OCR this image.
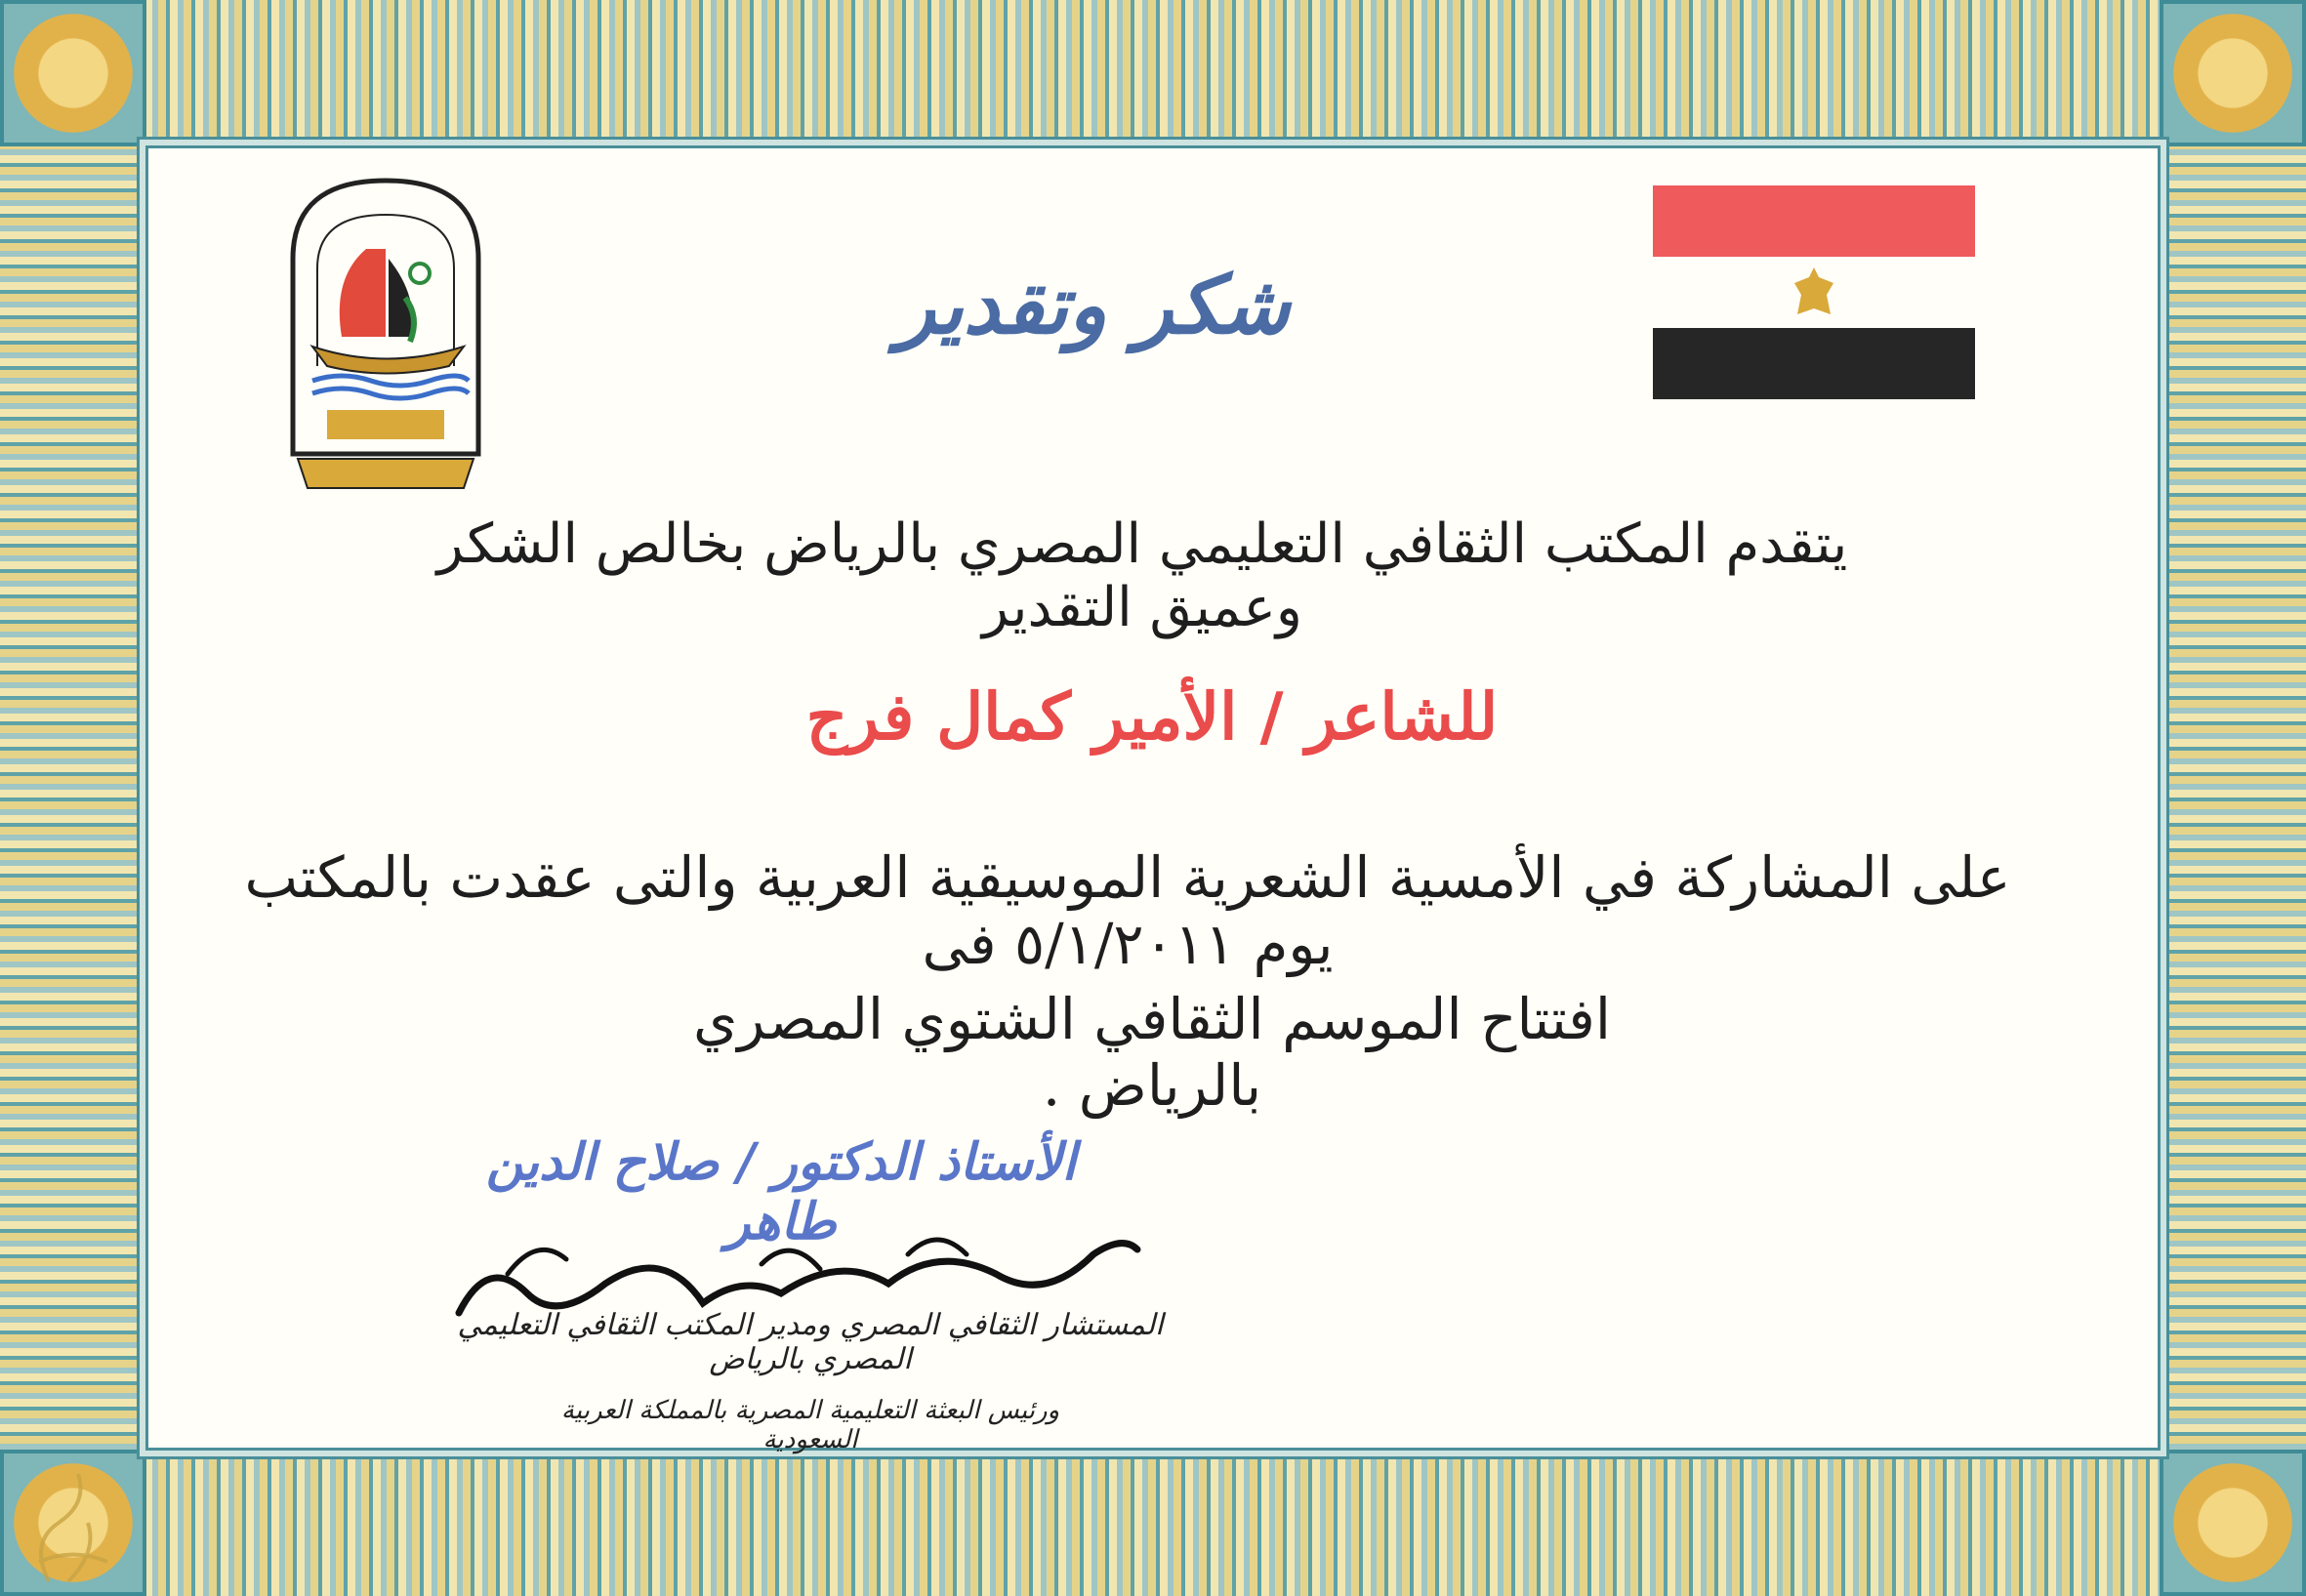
شكر وتقدير
يتقدم المكتب الثقافي التعليمي المصري بالرياض بخالص الشكر وعميق التقدير
للشاعر / الأمير كمال فرج
على المشاركة في الأمسية الشعرية الموسيقية العربية والتى عقدت بالمكتب يوم ٥/١/٢٠١١ فى
افتتاح الموسم الثقافي الشتوي المصري بالرياض .
الأستاذ الدكتور / صلاح الدين طاهر
المستشار الثقافي المصري ومدير المكتب الثقافي التعليمي المصري بالرياض
ورئيس البعثة التعليمية المصرية بالمملكة العربية السعودية
